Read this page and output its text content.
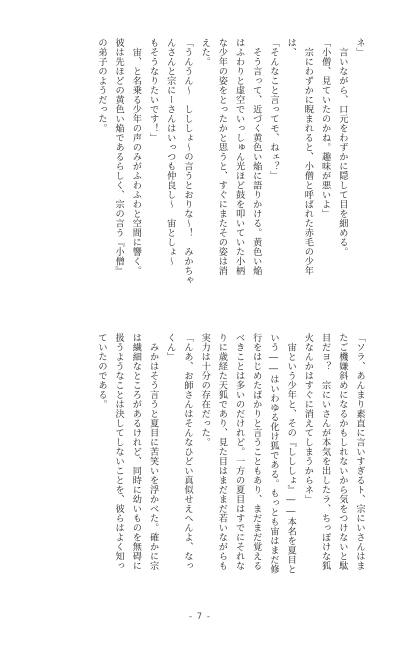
ネ」

　言いながら、口元をわずかに隠して目を細める。

「小僧、見ていたのかね。趣味が悪いよ」

　宗にわずかに睨まれると、小僧と呼ばれた赤毛の少年

は、

「そんなこと言ってモ、ねェ？」

　そう言って、近づく黄色い焔に語りかける。黄色い焔

はふわりと虚空でいっしゅん光ほど鼓を叩いていた小柄

な少年の姿をとったかと思うと、すぐにまたその姿は消

えた。

「うんうん～　しししょ～の言うとおりな～！　みかちゃ

んさんと宗にーさんはいっつも仲良し～　宙としょ～

もそうなりたいです！」

　宙、と名乗る少年の声のみがふわふわと空間に響く。

彼は先ほどの黄色い焔であるらしく、宗の言う『小僧』

の弟子のようだった。

「ソラ、あんまり素直に言いすぎるト、宗にいさんはま

たご機嫌斜めになるかもしれないから気をつけないと駄

目だヨ？　宗にいさんが本気を出したラ、ちっぽけな狐

火なんかはすぐに消えてしまうからネ」

　宙という少年と、その『しししょ』――本名を夏目と

いう――はいわゆる化け狐である。もっとも宙はまだ修

行をはじめたばかりと言うこともあり、まだまだ覚える

べきことは多いのだけれど。一方の夏目はすでにそれな

りに歳経た天狐であり、見た目はまだまだ若いながらも

実力は十分の存在だった。

「んあ、お師さんはそんなひどい真似せえへんよ、なっ

くん」

　みかはそう言うと夏目に苦笑いを浮かべた。確かに宗

は繊細なところがあるけれど、同時に幼いものを無碍に

扱うようなことは決してしないことを、彼らはよく知っ

ていたのである。

- 7 -
